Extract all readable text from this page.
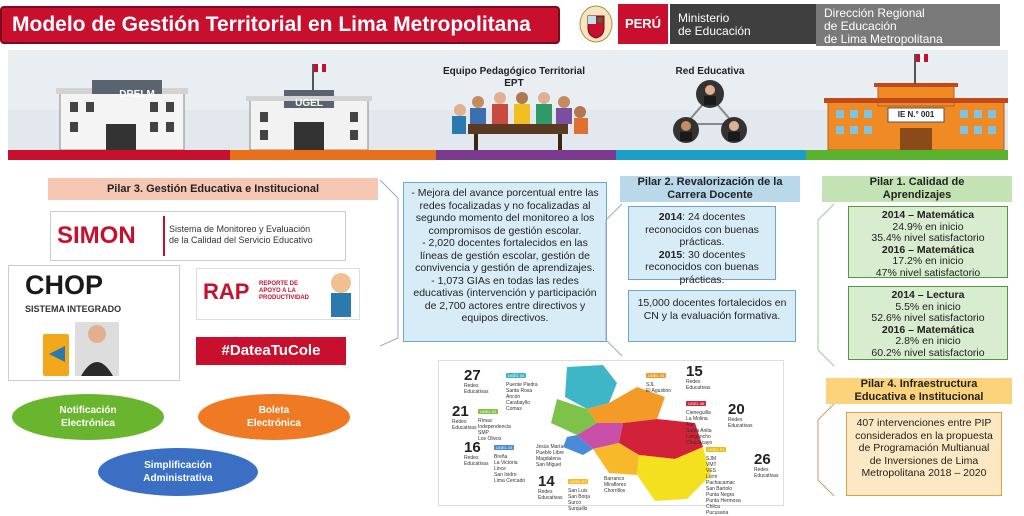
Modelo de Gestión Territorial en Lima Metropolitana	PERÚ	Ministerio
de Educación
Dirección Regional
de Educación
de Lima Metropolitana
DRELM
UGEL
Equipo Pedagógico Territorial
EPT
Red Educativa
IE N.° 001
Pilar 3. Gestión Educativa e Institucional
SIMON	Sistema de Monitoreo y Evaluación
de la Calidad del Servicio Educativo
CHOP
SISTEMA INTEGRADO
RAP REPORTE DE
APOYO A LA
PRODUCTIVIDAD
#DateaTuCole
Notificación
Electrónica
Boleta
Electrónica
Simplificación
Administrativa
- Mejora del avance porcentual entre las redes focalizadas y no focalizadas al segundo momento del monitoreo a los compromisos de gestión escolar.
- 2,020 docentes fortalecidos en las líneas de gestión escolar, gestión de convivencia y gestión de aprendizajes.
- 1,073 GIAs en todas las redes educativas (intervención y participación de 2,700 actores entre directivos y equipos directivos.
Pilar 2. Revalorización de la
Carrera Docente
2014: 24 docentes reconocidos con buenas prácticas.
2015: 30 docentes reconocidos con buenas prácticas.
15,000 docentes fortalecidos en CN y la evaluación formativa.
Pilar 1. Calidad de
Aprendizajes
2014 – Matemática
24.9% en inicio
35.4% nivel satisfactorio
2016 – Matemática
17.2% en inicio
47% nivel satisfactorio
2014 – Lectura
5.5% en inicio
52.6% nivel satisfactorio
2016 – Matemática
2.8% en inicio
60.2% nivel satisfactorio
Pilar 4. Infraestructura
Educativa e Institucional
407 intervenciones entre PIP considerados en la propuesta de Programación Multianual de Inversiones de Lima Metropolitana 2018 – 2020
27
Redes
Educativas
21
Redes
Educativas
16
Redes
Educativas
14
Redes
Educativas
15
Redes
Educativas
20
Redes
Educativas
26
Redes
Educativas
UGEL 04
Puente Piedra
Santa Rosa
Ancón
Carabayllo
Comas
UGEL 02
Rímac
Independencia
SMP
Los Olivos
UGEL 03
Breña
La Victoria
Lince
San Isidro
Lima Cercado
Jesús María
Pueblo Libre
Magdalena
San Miguel
UGEL 07
San Luis
San Borja
Surco
Surquillo
Barranco
Miraflores
Chorrillos
UGEL 05
SJL
El Agustino
UGEL 06
Cieneguilla
La Molina
Ate
Santa Anita
Lurigancho
Chaclacayo
UGEL 01
SJM
VMT
VES
Lurín
Pachacamac
San Bartolo
Punta Negra
Punta Hermosa
Chilca
Pucusana
